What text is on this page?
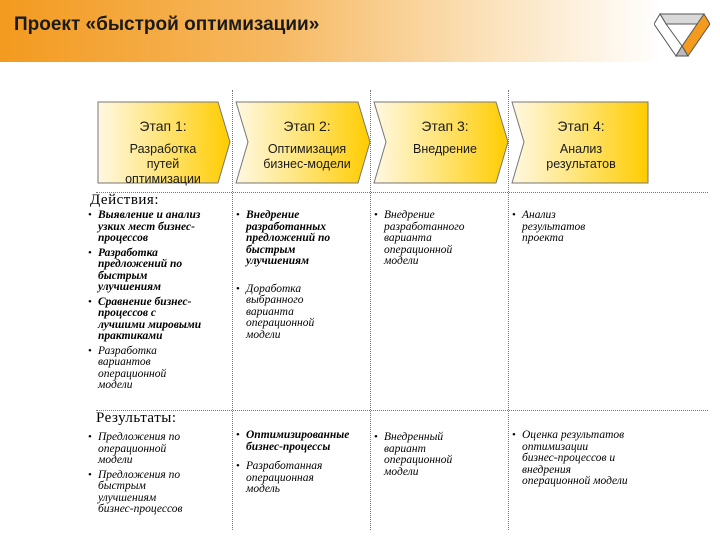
Проект «быстрой оптимизации»
Этап 1:
Разработка
путей
оптимизации
Этап 2:
Оптимизация
бизнес-модели
Этап 3:
Внедрение
Этап 4:
Анализ
результатов
Действия:
Результаты:
• Выявление и анализ
узких мест бизнес-
процессов
• Разработка
предложений по
быстрым
улучшениям
• Сравнение бизнес-
процессов с
лучшими мировыми
практиками
• Разработка
вариантов
операционной
модели
• Внедрение
разработанных
предложений по
быстрым
улучшениям
• Доработка
выбранного
варианта
операционной
модели
• Внедрение
разработанного
варианта
операционной
модели
• Анализ
результатов
проекта
• Предложения по
операционной
модели
• Предложения по
быстрым
улучшениям
бизнес-процессов
• Оптимизированные
бизнес-процессы
• Разработанная
операционная
модель
• Внедренный
вариант
операционной
модели
• Оценка результатов
оптимизации
бизнес-процессов и
внедрения
операционной модели
